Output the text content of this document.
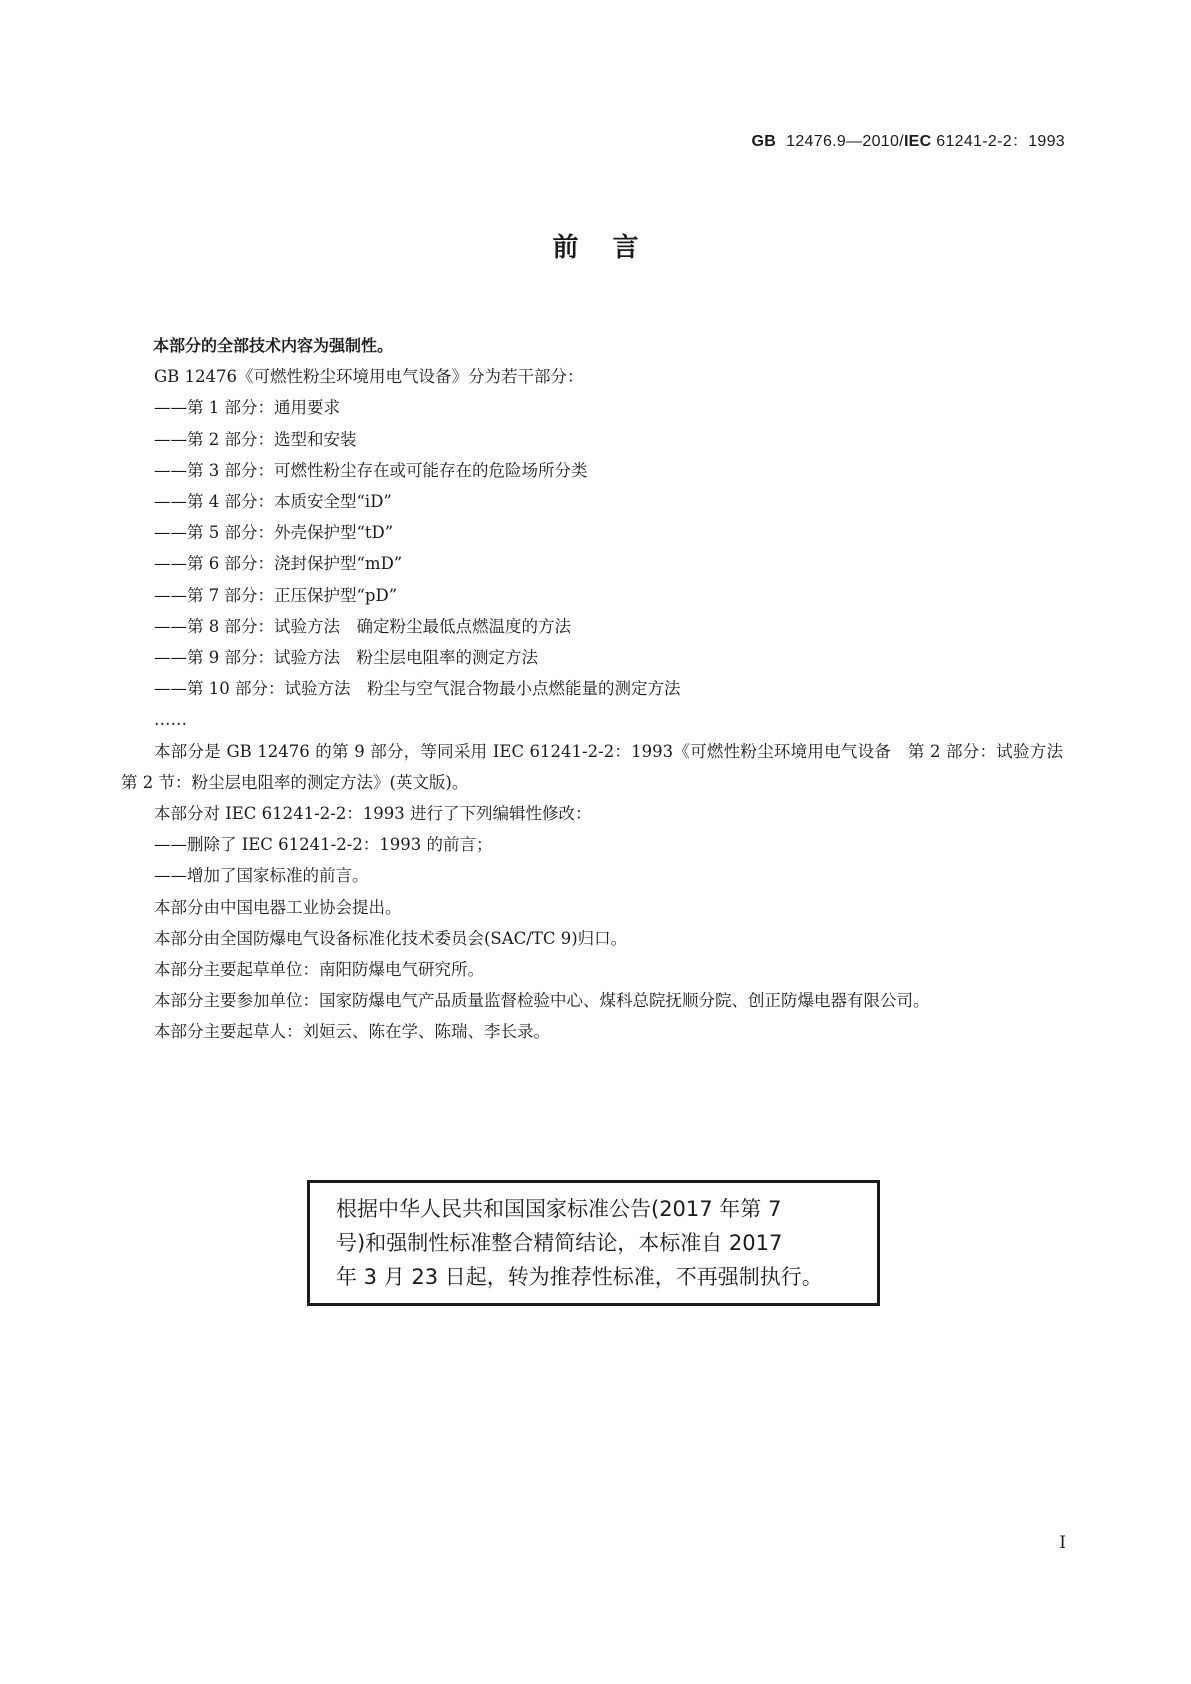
GB 12476.9—2010/IEC 61241-2-2：1993
前言

本部分的全部技术内容为强制性。

GB 12476《可燃性粉尘环境用电气设备》分为若干部分：

——第 1 部分：通用要求

——第 2 部分：选型和安装

——第 3 部分：可燃性粉尘存在或可能存在的危险场所分类

——第 4 部分：本质安全型“iD”

——第 5 部分：外壳保护型“tD”

——第 6 部分：浇封保护型“mD”

——第 7 部分：正压保护型“pD”

——第 8 部分：试验方法　确定粉尘最低点燃温度的方法

——第 9 部分：试验方法　粉尘层电阻率的测定方法

——第 10 部分：试验方法　粉尘与空气混合物最小点燃能量的测定方法

……

本部分是 GB 12476 的第 9 部分，等同采用 IEC 61241-2-2：1993《可燃性粉尘环境用电气设备　第 2 部分：试验方法　第 2 节：粉尘层电阻率的测定方法》(英文版)。

本部分对 IEC 61241-2-2：1993 进行了下列编辑性修改：

——删除了 IEC 61241-2-2：1993 的前言；

——增加了国家标准的前言。

本部分由中国电器工业协会提出。

本部分由全国防爆电气设备标准化技术委员会(SAC/TC 9)归口。

本部分主要起草单位：南阳防爆电气研究所。

本部分主要参加单位：国家防爆电气产品质量监督检验中心、煤科总院抚顺分院、创正防爆电器有限公司。

本部分主要起草人：刘姮云、陈在学、陈瑞、李长录。

根据中华人民共和国国家标准公告(2017 年第 7
号)和强制性标准整合精简结论，本标准自 2017
年 3 月 23 日起，转为推荐性标准，不再强制执行。
I
